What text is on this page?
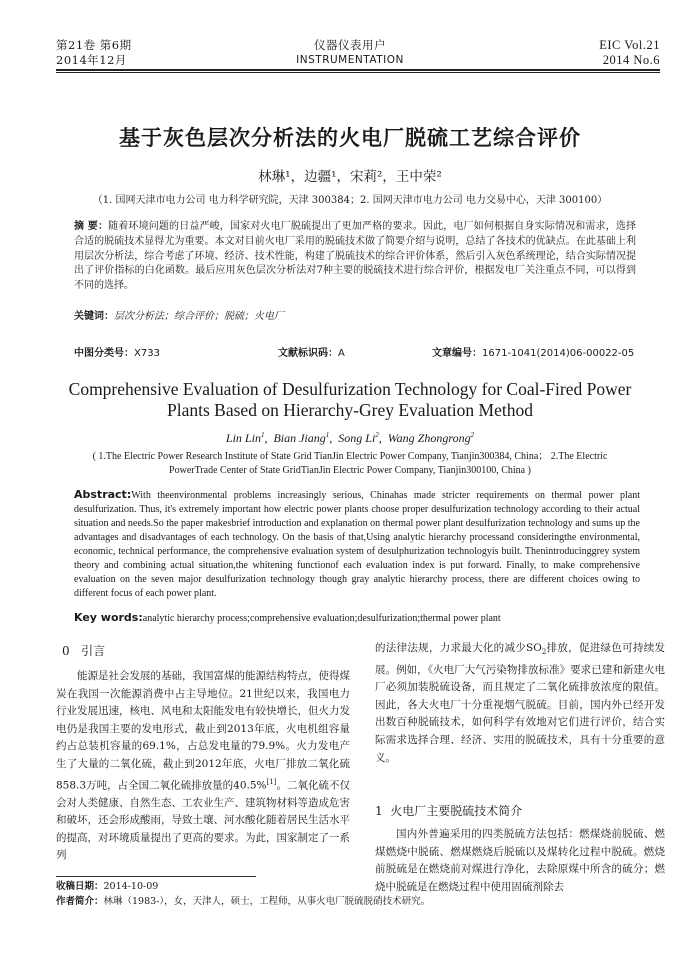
第21卷 第6期
2014年12月
仪器仪表用户
INSTRUMENTATION
EIC Vol.21
2014 No.6
基于灰色层次分析法的火电厂脱硫工艺综合评价
林琳¹，边疆¹，宋莉²，王中荣²
（1. 国网天津市电力公司 电力科学研究院，天津 300384；2. 国网天津市电力公司 电力交易中心，天津 300100）
摘 要：随着环境问题的日益严峻，国家对火电厂脱硫提出了更加严格的要求。因此，电厂如何根据自身实际情况和需求，选择合适的脱硫技术显得尤为重要。本文对目前火电厂采用的脱硫技术做了简要介绍与说明，总结了各技术的优缺点。在此基础上利用层次分析法，综合考虑了环境、经济、技术性能，构建了脱硫技术的综合评价体系，然后引入灰色系统理论，结合实际情况提出了评价指标的白化函数。最后应用灰色层次分析法对7种主要的脱硫技术进行综合评价，根据发电厂关注重点不同，可以得到不同的选择。
关键词：层次分析法；综合评价；脱硫；火电厂
中图分类号：X733	文献标识码：A	文章编号：1671-1041(2014)06-00022-05
Comprehensive Evaluation of Desulfurization Technology for Coal-Fired Power
Plants Based on Hierarchy-Grey Evaluation Method
Lin Lin$^1$,  Bian Jiang$^1$,  Song Li$^2$,  Wang Zhongrong$^2$
( 1.The Electric Power Research Institute of State Grid TianJin Electric Power Company, Tianjin300384, China； 2.The Electric
PowerTrade Center of State GridTianJin Electric Power Company, Tianjin300100, China )
Abstract:With theenvironmental problems increasingly serious, Chinahas made stricter requirements on thermal power plant desulfurization. Thus, it's extremely important how electric power plants choose proper desulfurization technology according to their actual situation and needs.So the paper makesbrief introduction and explanation on thermal power plant desulfurization technology and sums up the advantages and disadvantages of each technology. On the basis of that,Using analytic hierarchy processand consideringthe environmental, economic, technical performance, the comprehensive evaluation system of desulphurization technologyis built. Thenintroducinggrey system theory and combining actual situation,the whitening functionof each evaluation index is put forward. Finally, to make comprehensive evaluation on the seven major desulfurization technology though gray analytic hierarchy process, there are different choices owing to different focus of each power plant.
Key words:analytic hierarchy process;comprehensive evaluation;desulfurization;thermal power plant
0 引言
能源是社会发展的基础，我国富煤的能源结构特点，使得煤炭在我国一次能源消费中占主导地位。21世纪以来，我国电力行业发展迅速，核电、风电和太阳能发电有较快增长，但火力发电仍是我国主要的发电形式，截止到2013年底，火电机组容量约占总装机容量的69.1%，占总发电量的79.9%。火力发电产生了大量的二氧化硫，截止到2012年底，火电厂排放二氧化硫858.3万吨，占全国二氧化硫排放量的40.5%[1]。二氧化硫不仅会对人类健康、自然生态、工农业生产、建筑物材料等造成危害和破坏，还会形成酸雨，导致土壤、河水酸化随着居民生活水平的提高，对环境质量提出了更高的要求。为此，国家制定了一系列
的法律法规，力求最大化的减少$SO_2$排放，促进绿色可持续发展。例如，《火电厂大气污染物排放标准》要求已建和新建火电厂必须加装脱硫设备，而且规定了二氧化硫排放浓度的限值。因此，各大火电厂十分重视烟气脱硫。目前，国内外已经开发出数百种脱硫技术，如何科学有效地对它们进行评价，结合实际需求选择合理、经济、实用的脱硫技术，具有十分重要的意义。
1 火电厂主要脱硫技术简介
国内外普遍采用的四类脱硫方法包括：燃煤烧前脱硫、燃煤燃烧中脱硫、燃煤燃烧后脱硫以及煤转化过程中脱硫。燃烧前脱硫是在燃烧前对煤进行净化，去除原煤中所含的硫分；燃烧中脱硫是在燃烧过程中使用固硫剂除去
收稿日期：2014-10-09
作者简介：林琳（1983-），女，天津人，硕士，工程师，从事火电厂脱硫脱硝技术研究。
